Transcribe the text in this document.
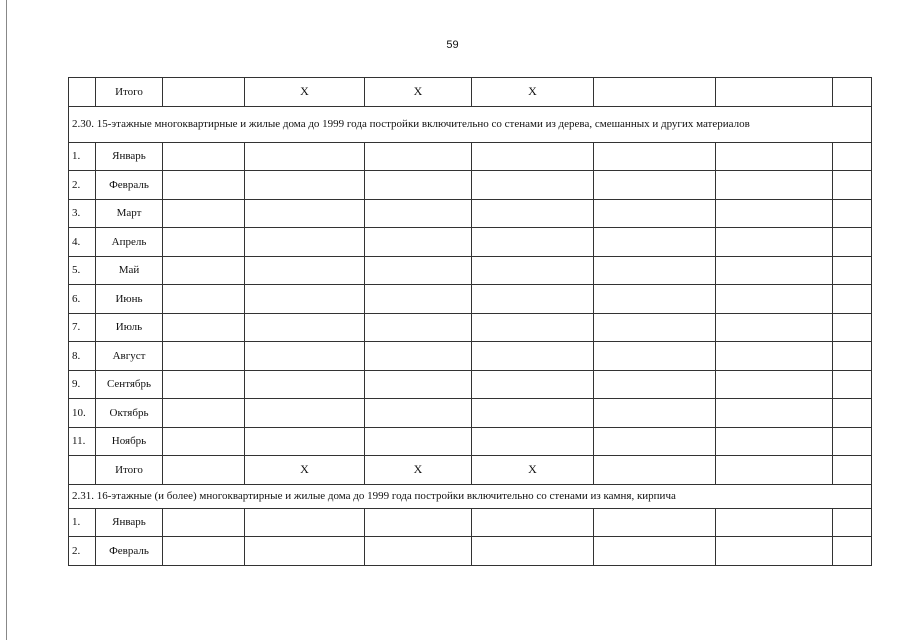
59
	Итого		Х	Х	Х			
2.30. 15-этажные многоквартирные и жилые дома до 1999 года постройки включительно со стенами из дерева, смешанных и других материалов								
1.	Январь							
2.	Февраль							
3.	Март							
4.	Апрель							
5.	Май							
6.	Июнь							
7.	Июль							
8.	Август							
9.	Сентябрь							
10.	Октябрь							
11.	Ноябрь							
	Итого		Х	Х	Х			
2.31. 16-этажные (и более) многоквартирные и жилые дома до 1999 года постройки включительно со стенами из камня, кирпича								
1.	Январь							
2.	Февраль							
